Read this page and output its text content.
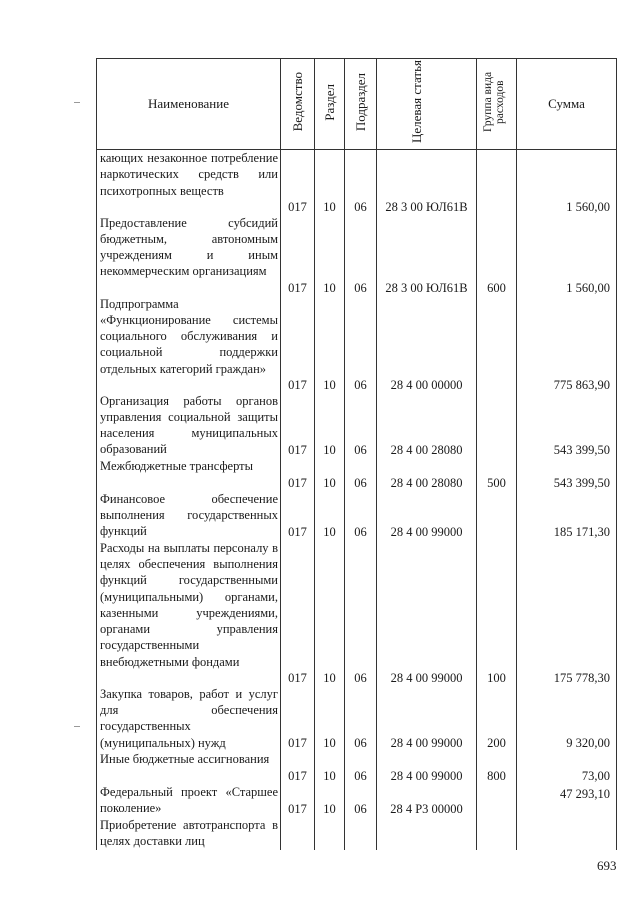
Наименование	Ведомство	Раздел	Подраздел	Целевая статья	Группа вида расходов	Сумма
кающих незаконное потребление наркотических средств или психотропных веществ	017	10	06	28 3 00 ЮЛ61В		1 560,00
Предоставление субсидий бюджетным, автономным учреждениям и иным некоммерческим организациям	017	10	06	28 3 00 ЮЛ61В	600	1 560,00
Подпрограмма «Функционирование системы социального обслуживания и социальной поддержки отдельных категорий граждан»	017	10	06	28 4 00 00000		775 863,90
Организация работы органов управления социальной защиты населения муниципальных образований	017	10	06	28 4 00 28080		543 399,50
Межбюджетные трансферты	017	10	06	28 4 00 28080	500	543 399,50
Финансовое обеспечение выполнения государственных функций	017	10	06	28 4 00 99000		185 171,30
Расходы на выплаты персоналу в целях обеспечения выполнения функций государственными (муниципальными) органами, казенными учреждениями, органами управления государственными внебюджетными фондами	017	10	06	28 4 00 99000	100	175 778,30
Закупка товаров, работ и услуг для обеспечения государственных (муниципальных) нужд	017	10	06	28 4 00 99000	200	9 320,00
Иные бюджетные ассигнования	017	10	06	28 4 00 99000	800	73,00
Федеральный проект «Старшее поколение»	017	10	06	28 4 Р3 00000		47 293,10
Приобретение автотранспорта в целях доставки лиц						
693
